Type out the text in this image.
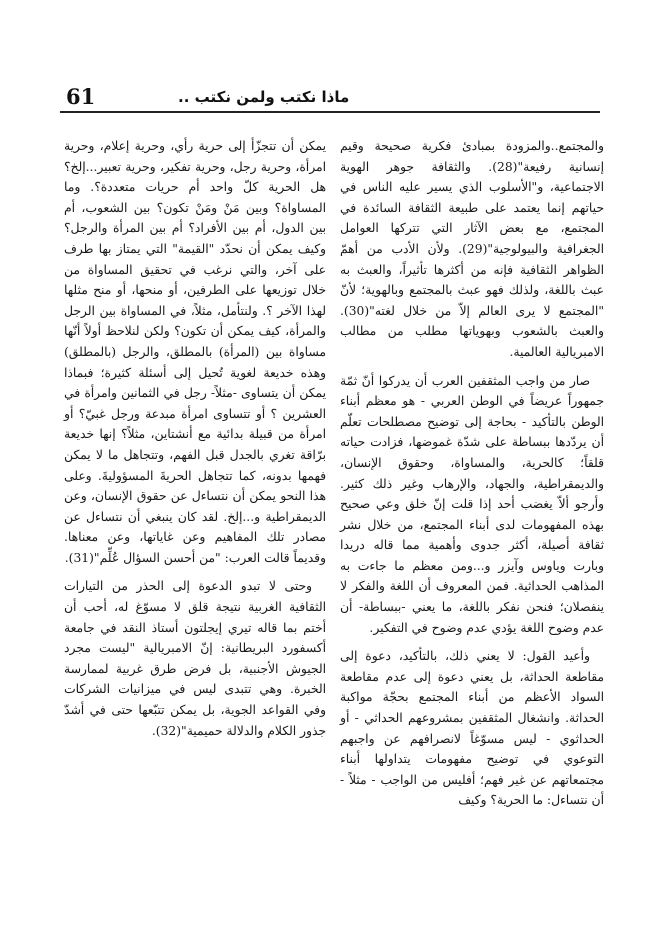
61	ماذا نكتب ولمن نكتب ..

والمجتمع..والمزودة بمبادئ فكرية صحيحة وقيم إنسانية رفيعة"(28). والثقافة جوهر الهوية الاجتماعية، و"الأسلوب الذي يسير عليه الناس في حياتهم إنما يعتمد على طبيعة الثقافة السائدة في المجتمع، مع بعض الآثار التي تتركها العوامل الجغرافية والبيولوجية"(29). ولأن الأدب من أهمّ الظواهر الثقافية فإنه من أكثرها تأثيراً، والعبث به عبث باللغة، ولذلك فهو عبث بالمجتمع وبالهوية؛ لأنّ "المجتمع لا يرى العالم إلاّ من خلال لغته"(30). والعبث بالشعوب وبهوياتها مطلب من مطالب الامبريالية العالمية.

صار من واجب المثقفين العرب أن يدركوا أنّ ثمّة جمهوراً عريضاً في الوطن العربي - هو معظم أبناء الوطن بالتأكيد - بحاجة إلى توضيح مصطلحات تعلّم أن يردّدها ببساطة على شدّة غموضها، فزادت حياته قلقاً؛ كالحرية، والمساواة، وحقوق الإنسان، والديمقراطية، والجهاد، والإرهاب وغير ذلك كثير. وأرجو ألاّ يغضب أحد إذا قلت إنّ خلق وعي صحيح بهذه المفهومات لدى أبناء المجتمع، من خلال نشر ثقافة أصيلة، أكثر جدوى وأهمية مما قاله دريدا وبارت وياوس وآيزر و...ومن معظم ما جاءت به المذاهب الحداثية. فمن المعروف أن اللغة والفكر لا ينفصلان؛ فنحن نفكر باللغة، ما يعني -ببساطة- أن عدم وضوح اللغة يؤدي عدم وضوح في التفكير.

وأعيد القول: لا يعني ذلك، بالتأكيد، دعوة إلى مقاطعة الحداثة، بل يعني دعوة إلى عدم مقاطعة السواد الأعظم من أبناء المجتمع بحجّة مواكبة الحداثة. وانشغال المثقفين بمشروعهم الحداثي - أو الحداثوي - ليس مسوّغاً لانصرافهم عن واجبهم التوعوي في توضيح مفهومات يتداولها أبناء مجتمعاتهم عن غير فهم؛ أفليس من الواجب - مثلاً - أن نتساءل: ما الحرية؟ وكيف

يمكن أن تتجزّأ إلى حرية رأي، وحرية إعلام، وحرية امرأة، وحرية رجل، وحرية تفكير، وحرية تعبير...إلخ؟ هل الحرية كلّ واحد أم حريات متعددة؟. وما المساواة؟ وبين مَنْ ومَنْ تكون؟ بين الشعوب، أم بين الدول، أم بين الأفراد؟ أم بين المرأة والرجل؟ وكيف يمكن أن نحدّد "القيمة" التي يمتاز بها طرف على آخر، والتي نرغب في تحقيق المساواة من خلال توزيعها على الطرفين، أو منحها، أو منح مثلها لهذا الآخر ؟. ولنتأمل، مثلاً، في المساواة بين الرجل والمرأة، كيف يمكن أن تكون؟ ولكن لنلاحظ أولاً أنّها مساواة بين (المرأة) بالمطلق، والرجل (بالمطلق) وهذه خديعة لغوية تُحيل إلى أسئلة كثيرة؛ فبماذا يمكن أن يتساوى -مثلاً- رجل في الثمانين وامرأة في العشرين ؟ أو تتساوى امرأة مبدعة ورجل غبيّ؟ أو امرأة من قبيلة بدائية مع أنشتاين، مثلاً؟ إنها خديعة برّاقة تغري بالجدل قبل الفهم، وتتجاهل ما لا يمكن فهمها بدونه، كما تتجاهل الحريةَ المسؤوليةَ. وعلى هذا النحو يمكن أن نتساءل عن حقوق الإنسان، وعن الديمقراطية و...إلخ. لقد كان ينبغي أن نتساءل عن مصادر تلك المفاهيم وعن غاياتها، وعن معناها. وقديماً قالت العرب: "من أحسن السؤال عُلِّم"(31).

وحتى لا تبدو الدعوة إلى الحذر من التيارات الثقافية الغربية نتيجة قلق لا مسوّغ له، أحب أن أختم بما قاله تيري إيجلتون أستاذ النقد في جامعة أكسفورد البريطانية: إنّ الامبريالية "ليست مجرد الجيوش الأجنبية، بل فرض طرق غربية لممارسة الخبرة. وهي تتبدى ليس في ميزانيات الشركات وفي القواعد الجوية، بل يمكن تتبّعها حتى في أشدّ جذور الكلام والدلالة حميمية"(32).
